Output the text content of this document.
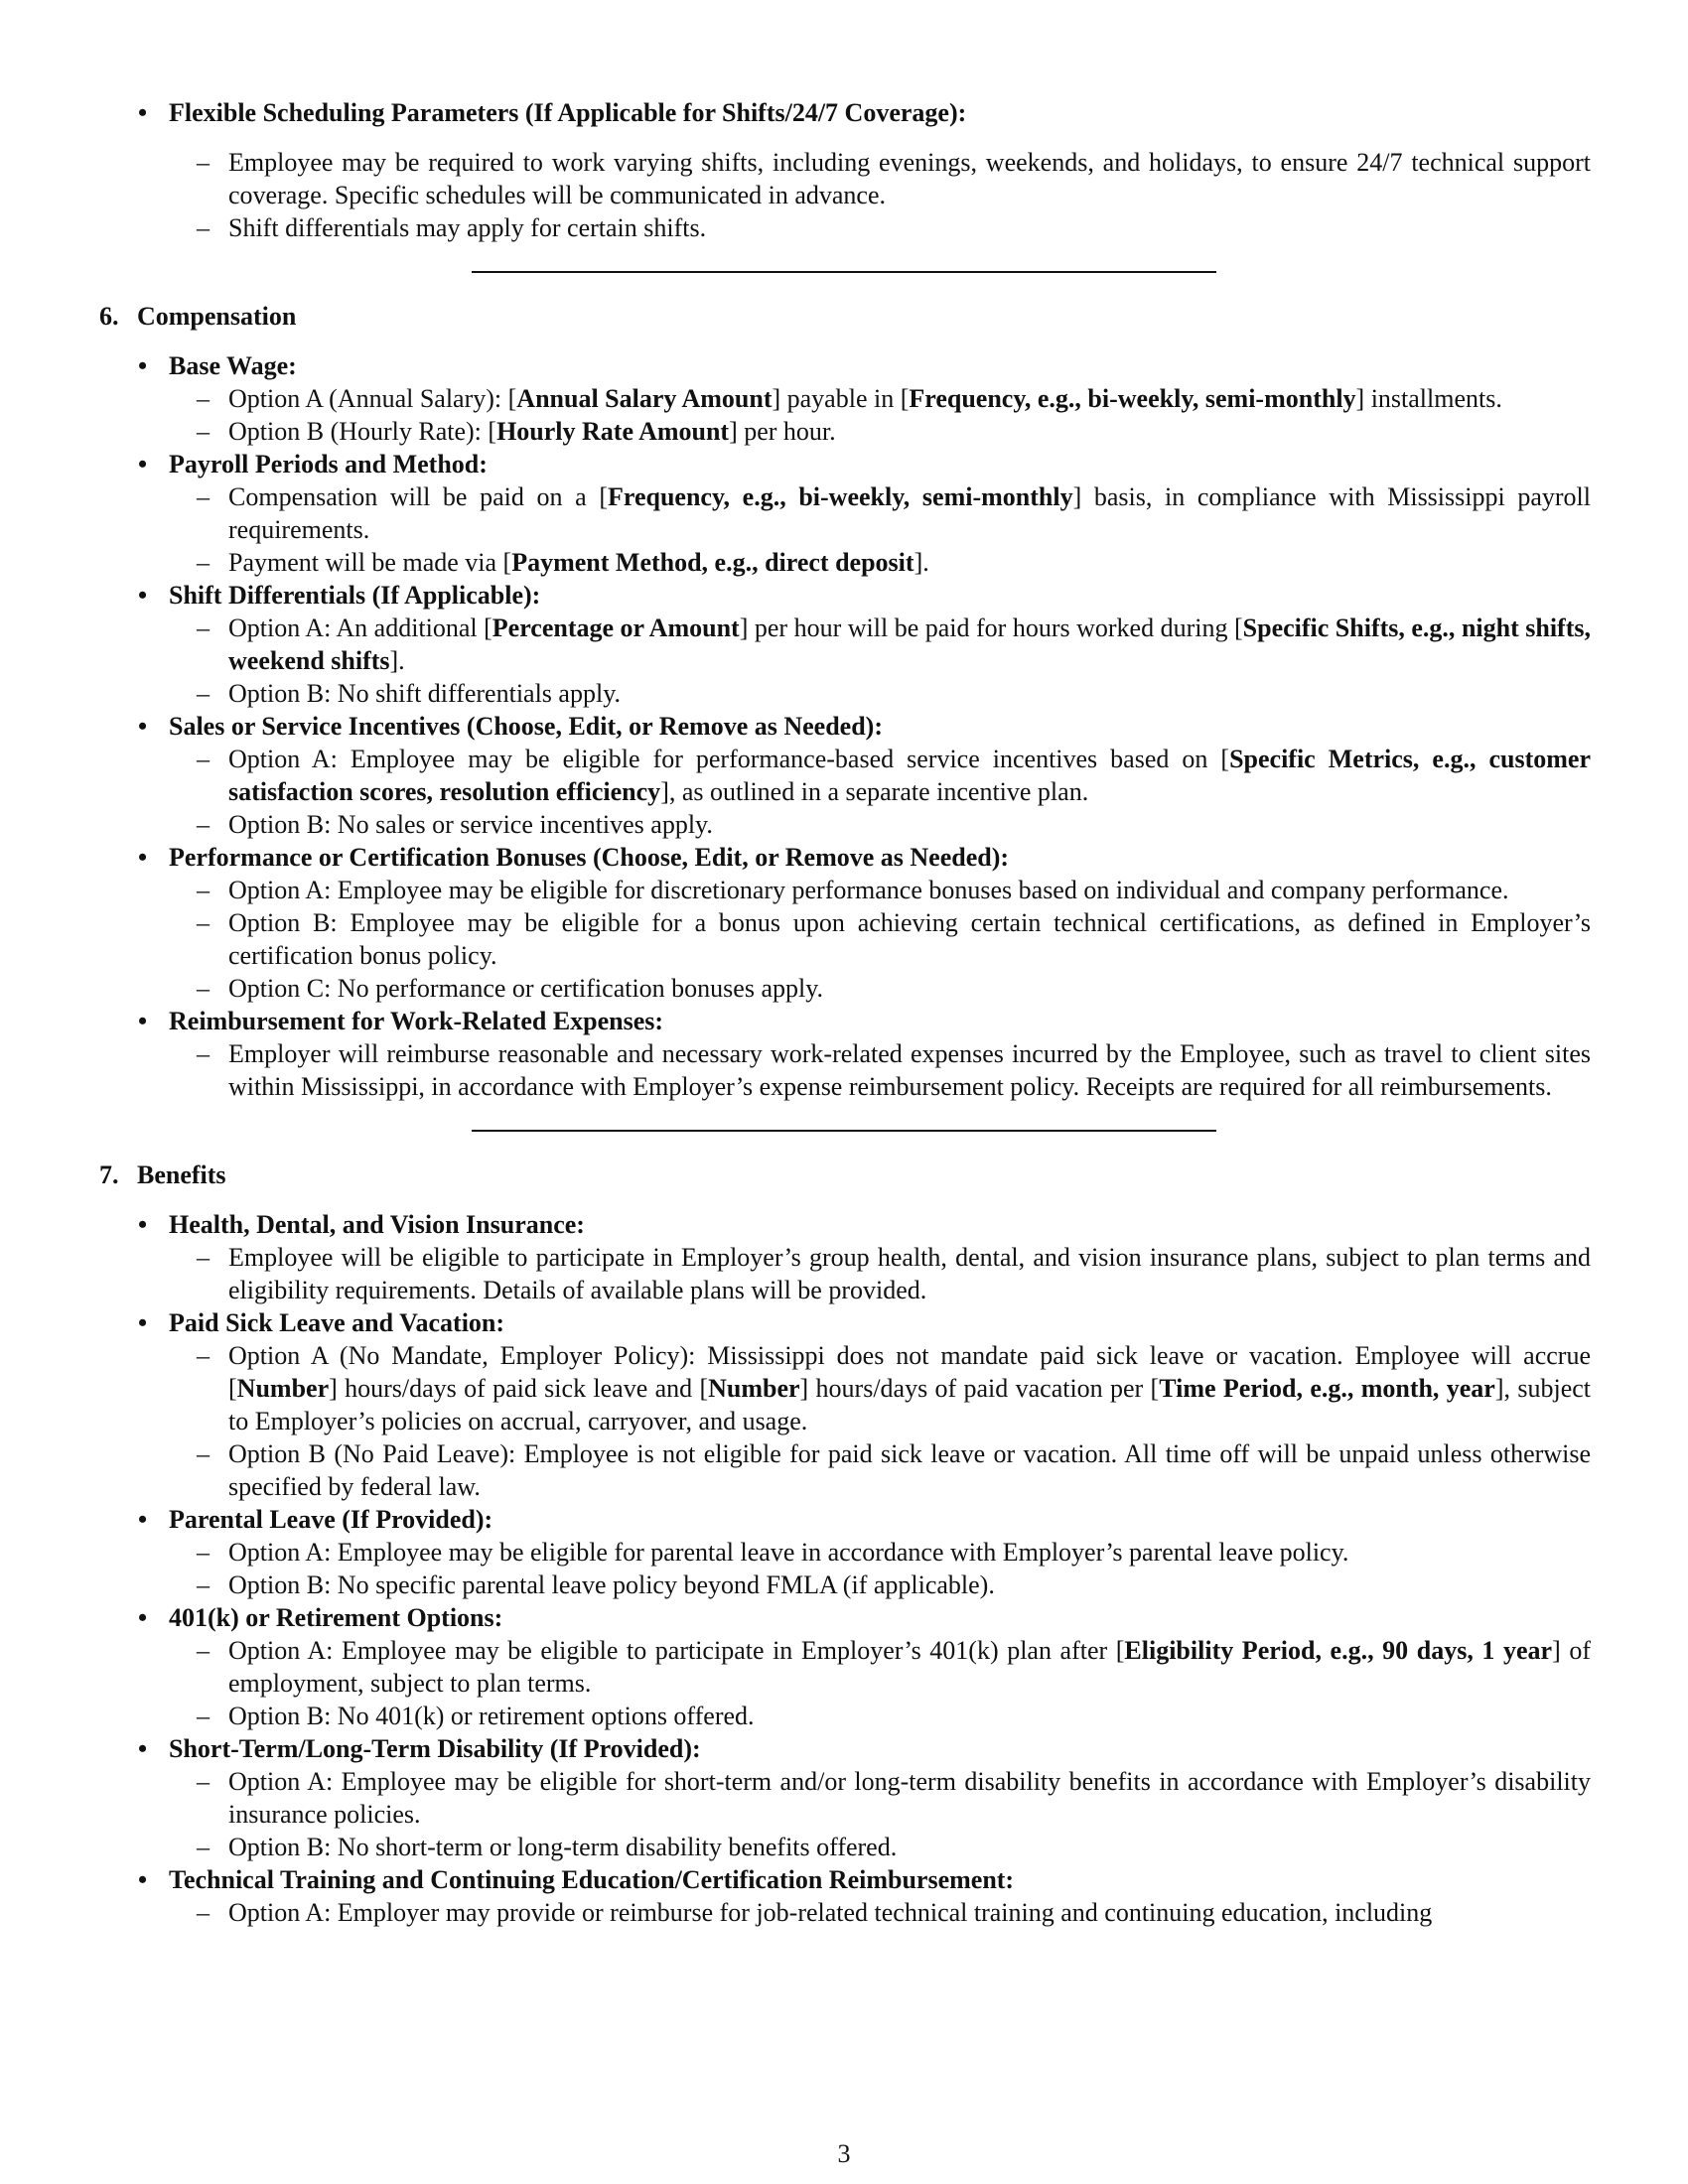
• Flexible Scheduling Parameters (If Applicable for Shifts/24/7 Coverage):
– Employee may be required to work varying shifts, including evenings, weekends, and holidays, to ensure 24/7 technical support coverage. Specific schedules will be communicated in advance.
– Shift differentials may apply for certain shifts.
6. Compensation
• Base Wage:
– Option A (Annual Salary): [Annual Salary Amount] payable in [Frequency, e.g., bi-weekly, semi-monthly] installments.
– Option B (Hourly Rate): [Hourly Rate Amount] per hour.
• Payroll Periods and Method:
– Compensation will be paid on a [Frequency, e.g., bi-weekly, semi-monthly] basis, in compliance with Mississippi payroll requirements.
– Payment will be made via [Payment Method, e.g., direct deposit].
• Shift Differentials (If Applicable):
– Option A: An additional [Percentage or Amount] per hour will be paid for hours worked during [Specific Shifts, e.g., night shifts, weekend shifts].
– Option B: No shift differentials apply.
• Sales or Service Incentives (Choose, Edit, or Remove as Needed):
– Option A: Employee may be eligible for performance-based service incentives based on [Specific Metrics, e.g., customer satisfaction scores, resolution efficiency], as outlined in a separate incentive plan.
– Option B: No sales or service incentives apply.
• Performance or Certification Bonuses (Choose, Edit, or Remove as Needed):
– Option A: Employee may be eligible for discretionary performance bonuses based on individual and company performance.
– Option B: Employee may be eligible for a bonus upon achieving certain technical certifications, as defined in Employer’s certification bonus policy.
– Option C: No performance or certification bonuses apply.
• Reimbursement for Work-Related Expenses:
– Employer will reimburse reasonable and necessary work-related expenses incurred by the Employee, such as travel to client sites within Mississippi, in accordance with Employer’s expense reimbursement policy. Receipts are required for all reimbursements.
7. Benefits
• Health, Dental, and Vision Insurance:
– Employee will be eligible to participate in Employer’s group health, dental, and vision insurance plans, subject to plan terms and eligibility requirements. Details of available plans will be provided.
• Paid Sick Leave and Vacation:
– Option A (No Mandate, Employer Policy): Mississippi does not mandate paid sick leave or vacation. Employee will accrue [Number] hours/days of paid sick leave and [Number] hours/days of paid vacation per [Time Period, e.g., month, year], subject to Employer’s policies on accrual, carryover, and usage.
– Option B (No Paid Leave): Employee is not eligible for paid sick leave or vacation. All time off will be unpaid unless otherwise specified by federal law.
• Parental Leave (If Provided):
– Option A: Employee may be eligible for parental leave in accordance with Employer’s parental leave policy.
– Option B: No specific parental leave policy beyond FMLA (if applicable).
• 401(k) or Retirement Options:
– Option A: Employee may be eligible to participate in Employer’s 401(k) plan after [Eligibility Period, e.g., 90 days, 1 year] of employment, subject to plan terms.
– Option B: No 401(k) or retirement options offered.
• Short-Term/Long-Term Disability (If Provided):
– Option A: Employee may be eligible for short-term and/or long-term disability benefits in accordance with Employer’s disability insurance policies.
– Option B: No short-term or long-term disability benefits offered.
• Technical Training and Continuing Education/Certification Reimbursement:
– Option A: Employer may provide or reimburse for job-related technical training and continuing education, including
3
